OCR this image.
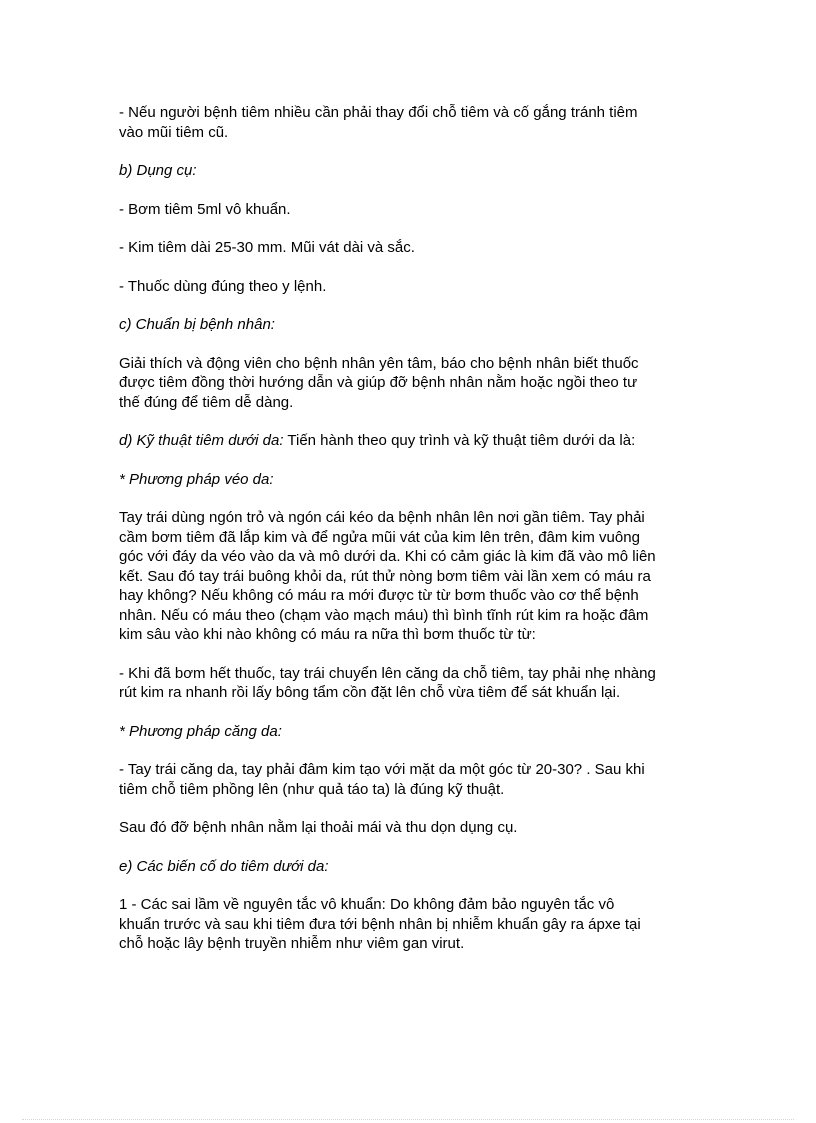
- Nếu người bệnh tiêm nhiều cần phải thay đổi chỗ tiêm và cố gắng tránh tiêm
vào mũi tiêm cũ.
b) Dụng cụ:
- Bơm tiêm 5ml vô khuẩn.
- Kim tiêm dài 25-30 mm. Mũi vát dài và sắc.
- Thuốc dùng đúng theo y lệnh.
c) Chuẩn bị bệnh nhân:
Giải thích và động viên cho bệnh nhân yên tâm, báo cho bệnh nhân biết thuốc
được tiêm đồng thời hướng dẫn và giúp đỡ bệnh nhân nằm hoặc ngồi theo tư
thế đúng để tiêm dễ dàng.
d) Kỹ thuật tiêm dưới da: Tiến hành theo quy trình và kỹ thuật tiêm dưới da là:
* Phương pháp véo da:
Tay trái dùng ngón trỏ và ngón cái kéo da bệnh nhân lên nơi gần tiêm. Tay phải
cầm bơm tiêm đã lắp kim và để ngửa mũi vát của kim lên trên, đâm kim vuông
góc với đáy da véo vào da và mô dưới da. Khi có cảm giác là kim đã vào mô liên
kết. Sau đó tay trái buông khỏi da, rút thử nòng bơm tiêm vài lần xem có máu ra
hay không? Nếu không có máu ra mới được từ từ bơm thuốc vào cơ thể bệnh
nhân. Nếu có máu theo (chạm vào mạch máu) thì bình tĩnh rút kim ra hoặc đâm
kim sâu vào khi nào không có máu ra nữa thì bơm thuốc từ từ:
- Khi đã bơm hết thuốc, tay trái chuyển lên căng da chỗ tiêm, tay phải nhẹ nhàng
rút kim ra nhanh rồi lấy bông tẩm cồn đặt lên chỗ vừa tiêm để sát khuẩn lại.
* Phương pháp căng da:
- Tay trái căng da, tay phải đâm kim tạo với mặt da một góc từ 20-30? . Sau khi
tiêm chỗ tiêm phồng lên (như quả táo ta) là đúng kỹ thuật.
Sau đó đỡ bệnh nhân nằm lại thoải mái và thu dọn dụng cụ.
e) Các biến cố do tiêm dưới da:
1 - Các sai lầm về nguyên tắc vô khuẩn: Do không đảm bảo nguyên tắc vô
khuẩn trước và sau khi tiêm đưa tới bệnh nhân bị nhiễm khuẩn gây ra ápxe tại
chỗ hoặc lây bệnh truyền nhiễm như viêm gan virut.
